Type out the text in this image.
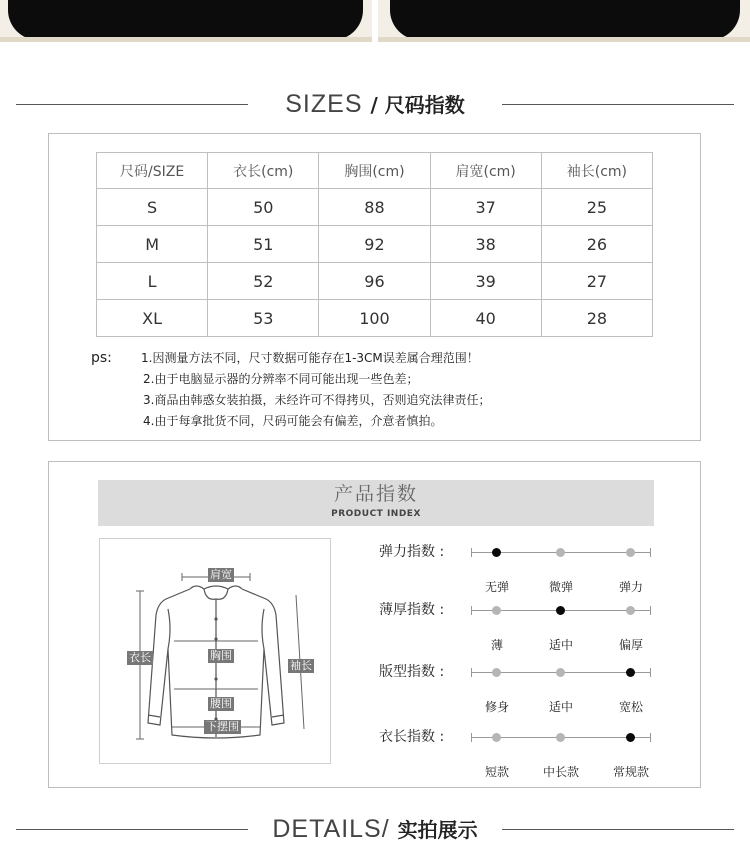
SIZES / 尺码指数
尺码/SIZE	衣长(cm)	胸围(cm)	肩宽(cm)	袖长(cm)
S	50	88	37	25
M	51	92	38	26
L	52	96	39	27
XL	53	100	40	28
ps: 1.因测量方法不同，尺寸数据可能存在1-3CM误差属合理范围！
2.由于电脑显示器的分辨率不同可能出现一些色差；
3.商品由韩惑女装拍摄，未经许可不得拷贝，否则追究法律责任；
4.由于每拿批货不同，尺码可能会有偏差，介意者慎拍。
产品指数
PRODUCT INDEX
肩宽
衣长	胸围
袖长
腰围
下摆围
弹力指数 :
无弹	微弹	弹力
薄厚指数 :
薄	适中	偏厚
版型指数 :
修身	适中	宽松
衣长指数 :
短款	中长款	常规款
DETAILS/ 实拍展示
